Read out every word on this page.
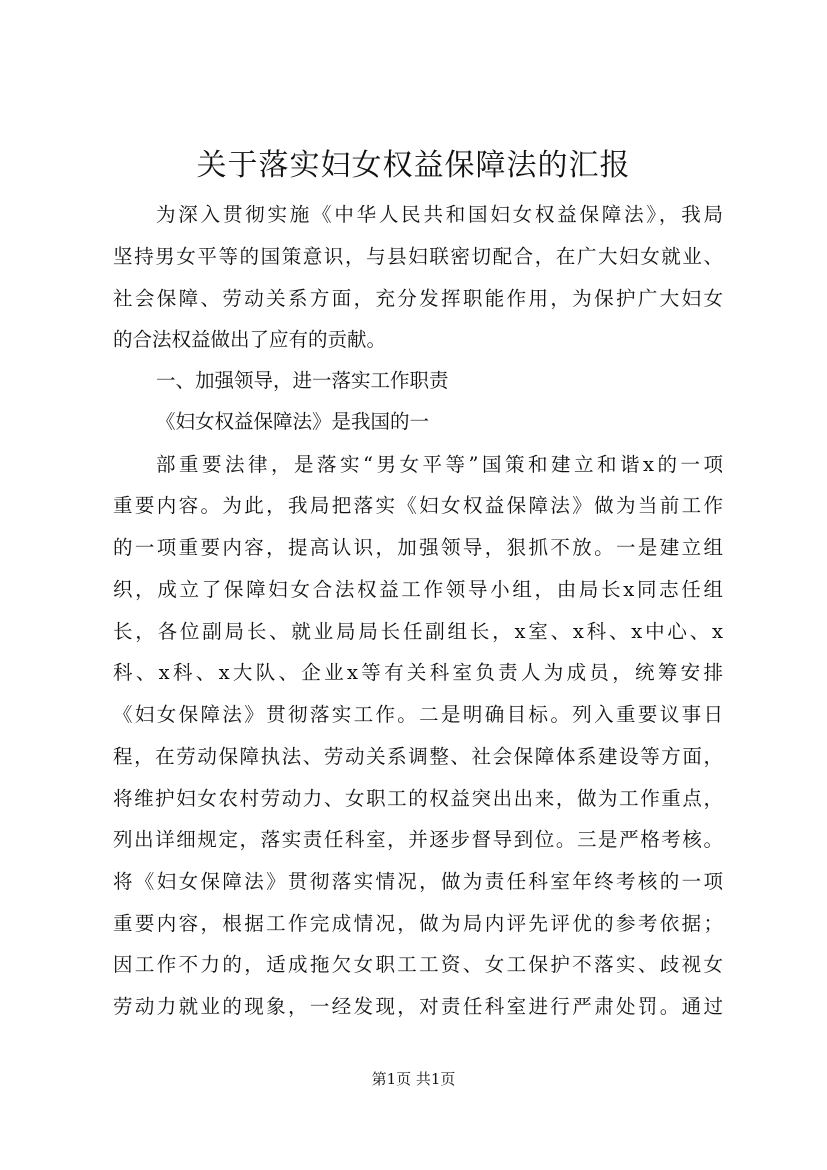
关于落实妇女权益保障法的汇报

为深入贯彻实施《中华人民共和国妇女权益保障法》，我局

坚持男女平等的国策意识，与县妇联密切配合，在广大妇女就业、

社会保障、劳动关系方面，充分发挥职能作用，为保护广大妇女

的合法权益做出了应有的贡献。

一、加强领导，进一落实工作职责

《妇女权益保障法》是我国的一

部重要法律，是落实“男女平等”国策和建立和谐x的一项

重要内容。为此，我局把落实《妇女权益保障法》做为当前工作

的一项重要内容，提高认识，加强领导，狠抓不放。一是建立组

织，成立了保障妇女合法权益工作领导小组，由局长x同志任组

长，各位副局长、就业局局长任副组长，x室、x科、x中心、x

科、x科、x大队、企业x等有关科室负责人为成员，统筹安排

《妇女保障法》贯彻落实工作。二是明确目标。列入重要议事日

程，在劳动保障执法、劳动关系调整、社会保障体系建设等方面，

将维护妇女农村劳动力、女职工的权益突出出来，做为工作重点，

列出详细规定，落实责任科室，并逐步督导到位。三是严格考核。

将《妇女保障法》贯彻落实情况，做为责任科室年终考核的一项

重要内容，根据工作完成情况，做为局内评先评优的参考依据；

因工作不力的，适成拖欠女职工工资、女工保护不落实、歧视女

劳动力就业的现象，一经发现，对责任科室进行严肃处罚。通过

第1页 共1页
